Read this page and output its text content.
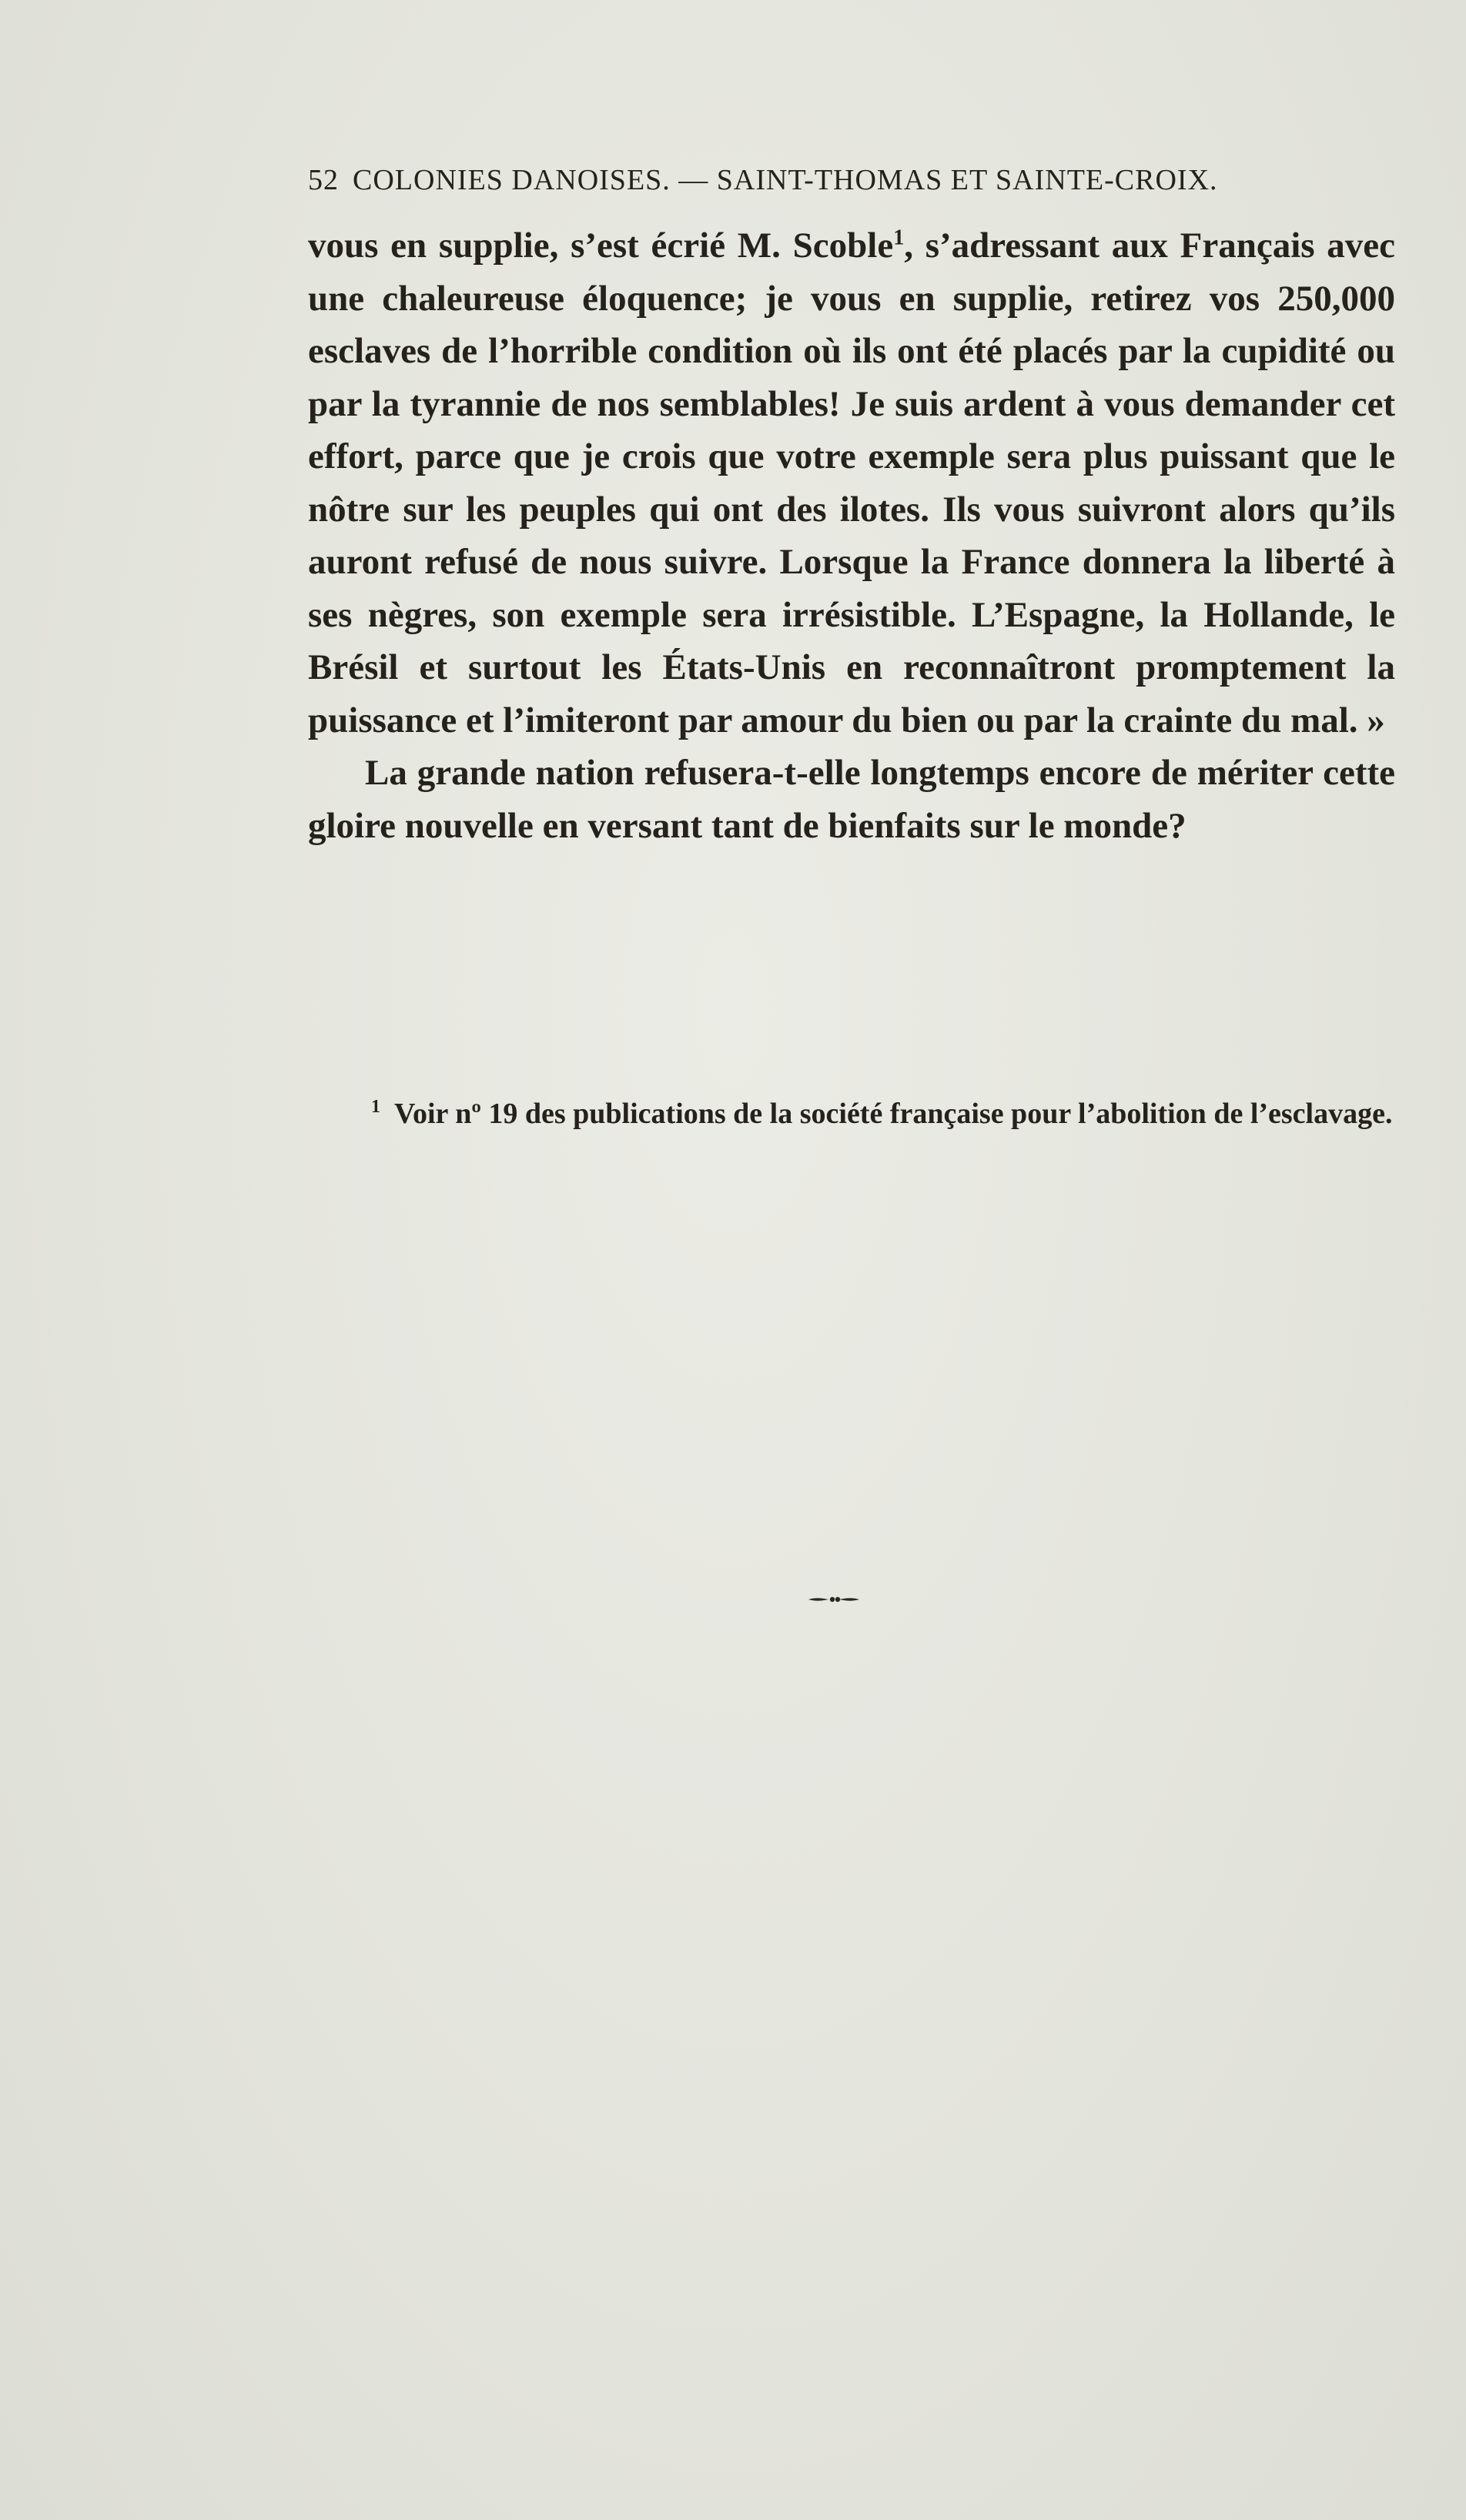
52 COLONIES DANOISES. — SAINT-THOMAS ET SAINTE-CROIX.

vous en supplie, s’est écrié M. Scoble$^1$, s’adressant aux Français avec une chaleureuse éloquence; je vous en supplie, retirez vos 250,000 esclaves de l’horrible condition où ils ont été placés par la cupidité ou par la tyrannie de nos semblables! Je suis ardent à vous demander cet effort, parce que je crois que votre exemple sera plus puissant que le nôtre sur les peuples qui ont des ilotes. Ils vous suivront alors qu’ils auront refusé de nous suivre. Lorsque la France donnera la liberté à ses nègres, son exemple sera irrésistible. L’Espagne, la Hollande, le Brésil et surtout les États-Unis en reconnaîtront promptement la puissance et l’imiteront par amour du bien ou par la crainte du mal. »

La grande nation refusera-t-elle longtemps encore de mériter cette gloire nouvelle en versant tant de bienfaits sur le monde?

$^1$ Voir nº 19 des publications de la société française pour l’abolition de l’esclavage.
